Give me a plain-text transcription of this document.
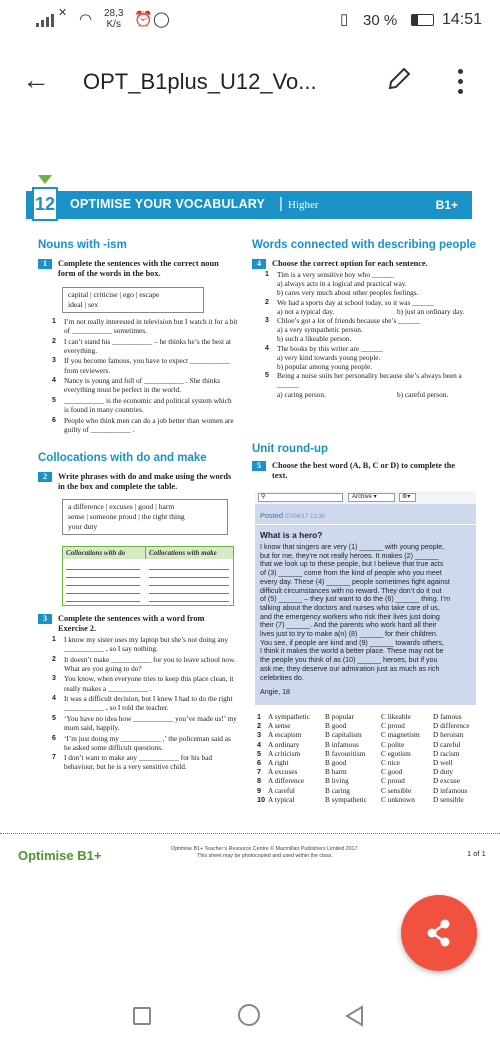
✕ ◠ 28,3
K/s ⏰ ◯	▯ 30 %	14:51
← OPT_B1plus_U12_Vo...
12 OPTIMISE YOUR VOCABULARY | Higher	B1+
Nouns with -ism
1 Complete the sentences with the correct noun form of the words in the box.
capital | criticise | ego | escape
ideal | sex
1 I’m not really interested in television but I watch it for a bit of ___________ sometimes.
2 I can’t stand his ___________ – he thinks he’s the best at everything.
3 If you become famous, you have to expect ___________ from reviewers.
4 Nancy is young and full of ___________ . She thinks everything must be perfect in the world.
5 ___________ is the economic and political system which is found in many countries.
6 People who think men can do a job better than women are guilty of ___________ .
Collocations with do and make
2 Write phrases with do and make using the words in the box and complete the table.
a difference | excuses | good | harm
sense | someone proud | the right thing
your duty
Collocations with do	Collocations with make
3 Complete the sentences with a word from Exercise 2.
1 I know my sister uses my laptop but she’s not doing any ___________ , so I say nothing.
2 It doesn’t make ___________ for you to leave school now. What are you going to do?
3 You know, when everyone tries to keep this place clean, it really makes a ___________ .
4 It was a difficult decision, but I knew I had to do the right ___________ , so I told the teacher.
5 ‘You have no idea how ___________ you’ve made us!’ my mum said, happily.
6 ‘I’m just doing my ___________ ,’ the policeman said as he asked some difficult questions.
7 I don’t want to make any ___________ for his bad behaviour, but he is a very sensitive child.
Words connected with describing people
4 Choose the correct option for each sentence.
1 Tim is a very sensitive boy who ______
a) always acts in a logical and practical way.
b) cares very much about other peoples feelings.
2 We had a sports day at school today, so it was ______
a) not a typical day.	b) just an ordinary day.
3 Chloe’s got a lot of friends because she’s ______
a) a very sympathetic person.
b) such a likeable person.
4 The books by this writer are ______
a) very kind towards young people.
b) popular among young people.
5 Being a nurse suits her personality because she’s always been a ______
a) caring person.	b) careful person.
Unit round-up
5 Choose the best word (A, B, C or D) to complete the text.
⚲	Archive ▾	⚙▾
Posted 07/06/17 13:30
What is a hero?
I know that singers are very (1) ______ with young people,
but for me, they’re not really heroes. It makes (2) ______
that we look up to these people, but I believe that true acts
of (3) ______ come from the kind of people who you meet
every day. These (4) ______ people sometimes fight against
difficult circumstances with no reward. They don’t do it out
of (5) ______ – they just want to do the (6) ______ thing. I’m
talking about the doctors and nurses who take care of us,
and the emergency workers who risk their lives just doing
their (7) ______. And the parents who work hard all their
lives just to try to make a(n) (8) ______ for their children.
You see, if people are kind and (9) ______ towards others,
I think it makes the world a better place. These may not be
the people you think of as (10) ______ heroes, but if you
ask me, they deserve our admiration just as much as rich
celebrities do.
Angie, 18
1 A sympathetic B popular	C likeable	D famous
2 A sense	B good	C proud	D difference
3 A escapism	B capitalism	C magnetism D heroism
4 A ordinary	B infamous	C polite	D careful
5 A criticism	B favouritism C egotism	D racism
6 A right	B good	C nice	D well
7 A excuses	B harm	C good	D duty
8 A difference	B living	C proud	D excuse
9 A careful	B caring	C sensible	D infamous
10 A typical	B sympathetic C unknown D sensible
Optimise B1+	Optimise B1+ Teacher’s Resource Centre © Macmillan Publishers Limited 2017.
This sheet may be photocopied and used within the class.	1 of 1
